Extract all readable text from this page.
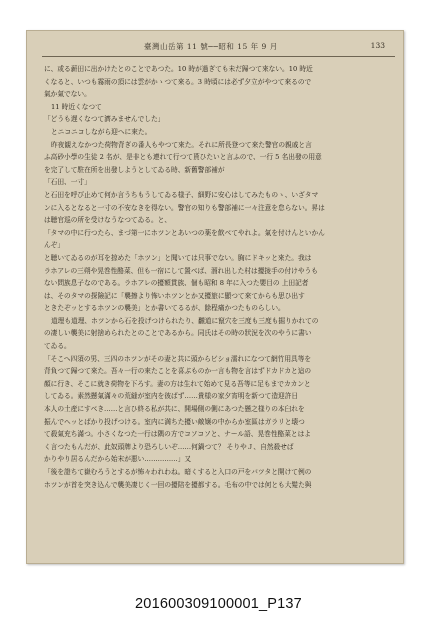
臺灣山岳第 11 號──昭和 15 年 9 月	133
に、或る薪田に出かけたとのことであつた。10 時が過ぎても未だ歸つて來ない。10 時近
くなると、いつも霧雨の頂には雲がかゝつて來る。3 時頃には必ず夕立がやつて來るので
氣か氣でない。
11 時近くなつて
「どうも遅くなつて濟みませんでした」
とニコニコしながら迎へに來た。
昨夜観えなかつた荷物背ぎの番人もやつて來た。それに所長登つて來た警官の親戚と言
ふ高砂小學の生徒 2 名が、是非とも連れて行つて貰ひたいと言ふので、一行 5 名出發の用意
を完了して駐在所を出發しようとしてゐる時、新舊警部補が
「石田、一寸」
と石田を呼び止めて何か言うちもうしてゐる様子、細野に安心はしてみたものゝ、いざタマ
ンに入るとなると一寸の不安なきを得ない。警官の知りも警部補に一々注意を怠らない。昇は
は聴官巡の所を受けなうなつてゐる。と、
「タマの中に行つたら、まづ第一にホツンとあいつの薬を飲べてやれよ。氣を付けんといかん
んぞ」
と聴いてゐるのが耳を掠めた「ホツン」と聞いては只事でない。胸にドキッと來た。我は
ラホアレの三朔や晃巻性酪菜、但も一宿にして置べば、溜れ出した村は擾拢手の付けやうも
ない問族息子なのである。ラホアレの擾額貫族、個も昭和 8 年に入つた嬰目の 上田記者
は、そのタマの探險記に「襲擦より怖いホツンとか又擾旅に顯つて來てからも思ひ出す
ときたぞッとするホツンの襲美」とか書いてるるが、餘程痛かつたものらしい。
道理も道理、ホツンから石を投げつけられたり、飜道に竄穴を三度も三度も掘りかれての
の凄しい襲美に射捨められたとのことであるから。同氏はその時の狀況を次のやうに書い
てゐる。
「そこへ四須の男、三四のホツンがその妻と共に頭からビショ濡れになつて網竹用具等を
背負つて歸つて來た。吾々一行の來たことを喜ぶものか一言も物を言はずドカドカと這の
顏に行き、そこに就き荷物を下ろす。妻の方は生れて始めて見る吾等に足もまでカカンと
してゐる。素然懸氣滿々の荒縫が室内を彼ばず……貴様の家夕宵明を新つて造迎許日
本人の土産にすべき……と言ひ終る私が共に、開場側の側にあつた懸之様りの本臼れを
振んでヘッとばかり投げつける。室内に満ちた擾い敵嬢の中からか室區はガラリと壊つ
て殺氣充ち滿つ。小さくなつた一行は隅の方でコソコソと、ナール語、晃巻性酪菜とはよ
く言つたもんだが、此奴頭牌より恐ろしいぞ……何鍋つて？ そりやＪ、自然殺せば
かりやり居るんだから始末が悪い……………」又
「後を證ちて嶽むろうとするが怖々われわね。暗くすると入口の戸をバツタと開けて例の
ホツンが首を突き込んで襲美凄じく一回の擾陪を擾都する。毛布の中では何とも大髮た與
201600309100001_P137
